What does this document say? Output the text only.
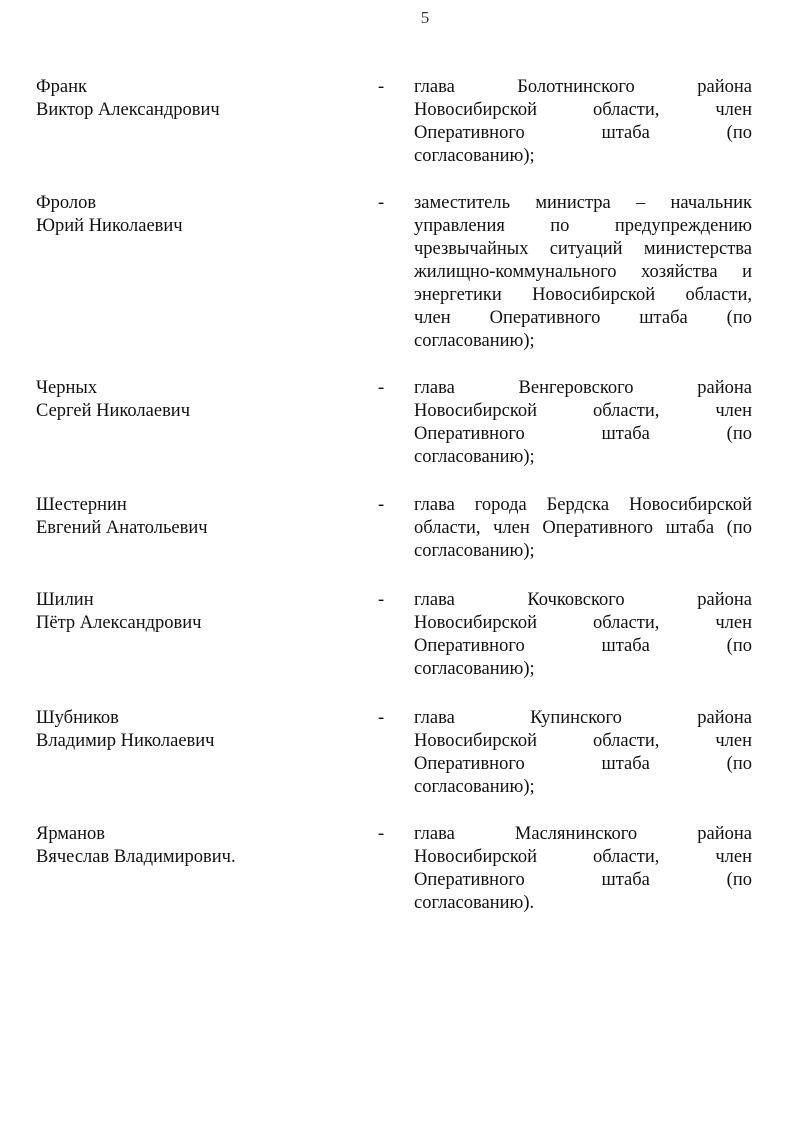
5
Франк
Виктор Александрович
- глава Болотнинского района
Новосибирской области, член
Оперативного штаба (по
согласованию);
Фролов
Юрий Николаевич
- заместитель министра – начальник
управления по предупреждению
чрезвычайных ситуаций министерства
жилищно-коммунального хозяйства и
энергетики Новосибирской области,
член Оперативного штаба (по
согласованию);
Черных
Сергей Николаевич
- глава Венгеровского района
Новосибирской области, член
Оперативного штаба (по
согласованию);
Шестернин
Евгений Анатольевич
- глава города Бердска Новосибирской
области, член Оперативного штаба (по
согласованию);
Шилин
Пётр Александрович
- глава Кочковского района
Новосибирской области, член
Оперативного штаба (по
согласованию);
Шубников
Владимир Николаевич
- глава Купинского района
Новосибирской области, член
Оперативного штаба (по
согласованию);
Ярманов
Вячеслав Владимирович.
- глава Маслянинского района
Новосибирской области, член
Оперативного штаба (по
согласованию).
